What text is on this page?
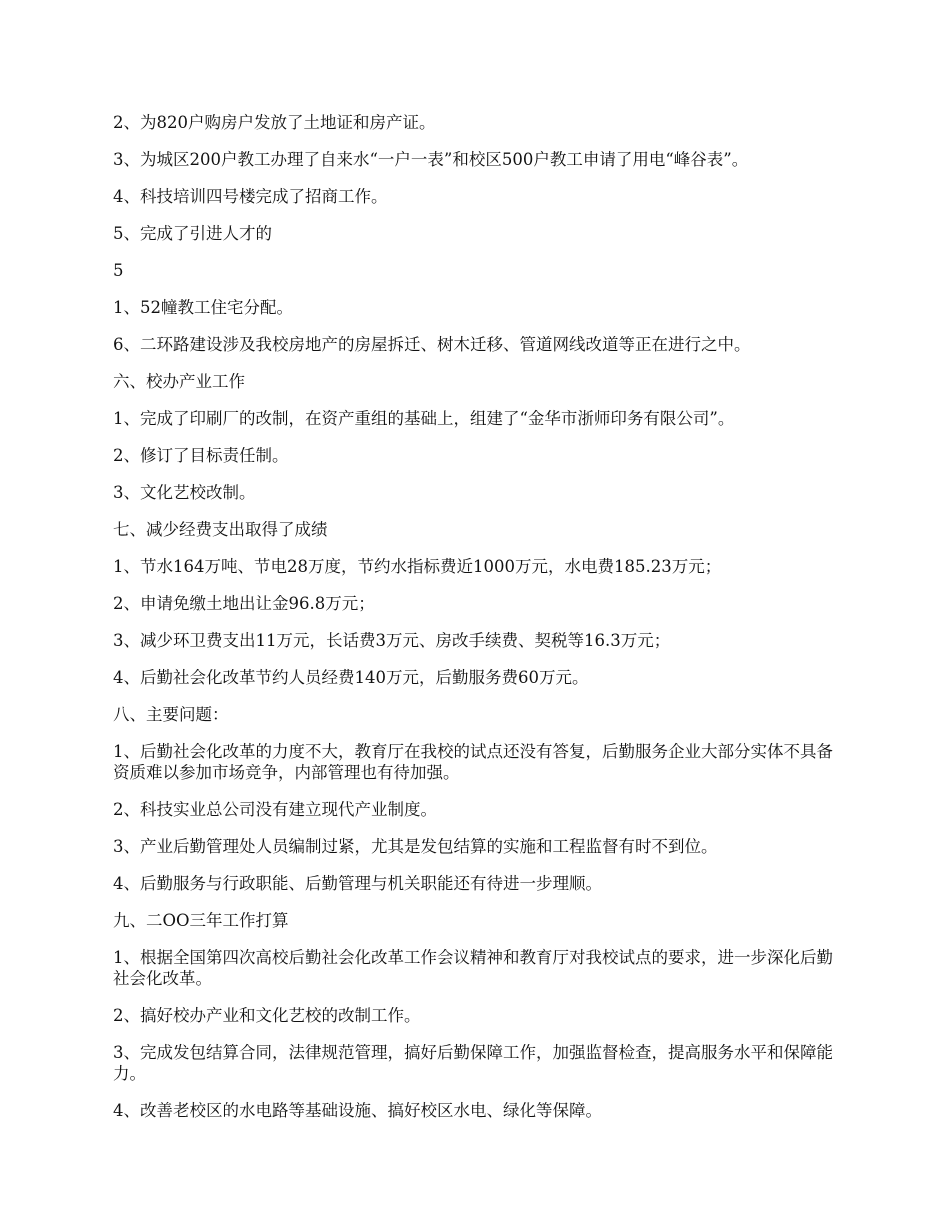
2、为820户购房户发放了土地证和房产证。

3、为城区200户教工办理了自来水“一户一表”和校区500户教工申请了用电“峰谷表”。

4、科技培训四号楼完成了招商工作。

5、完成了引进人才的

5

1、52幢教工住宅分配。

6、二环路建设涉及我校房地产的房屋拆迁、树木迁移、管道网线改道等正在进行之中。

六、校办产业工作

1、完成了印刷厂的改制，在资产重组的基础上，组建了“金华市浙师印务有限公司”。

2、修订了目标责任制。

3、文化艺校改制。

七、减少经费支出取得了成绩

1、节水164万吨、节电28万度，节约水指标费近1000万元，水电费185.23万元；

2、申请免缴土地出让金96.8万元；

3、减少环卫费支出11万元，长话费3万元、房改手续费、契税等16.3万元；

4、后勤社会化改革节约人员经费140万元，后勤服务费60万元。

八、主要问题：

1、后勤社会化改革的力度不大，教育厅在我校的试点还没有答复，后勤服务企业大部分实体不具备资质难以参加市场竞争，内部管理也有待加强。

2、科技实业总公司没有建立现代产业制度。

3、产业后勤管理处人员编制过紧，尤其是发包结算的实施和工程监督有时不到位。

4、后勤服务与行政职能、后勤管理与机关职能还有待进一步理顺。

九、二OO三年工作打算

1、根据全国第四次高校后勤社会化改革工作会议精神和教育厅对我校试点的要求，进一步深化后勤社会化改革。

2、搞好校办产业和文化艺校的改制工作。

3、完成发包结算合同，法律规范管理，搞好后勤保障工作，加强监督检查，提高服务水平和保障能力。

4、改善老校区的水电路等基础设施、搞好校区水电、绿化等保障。
